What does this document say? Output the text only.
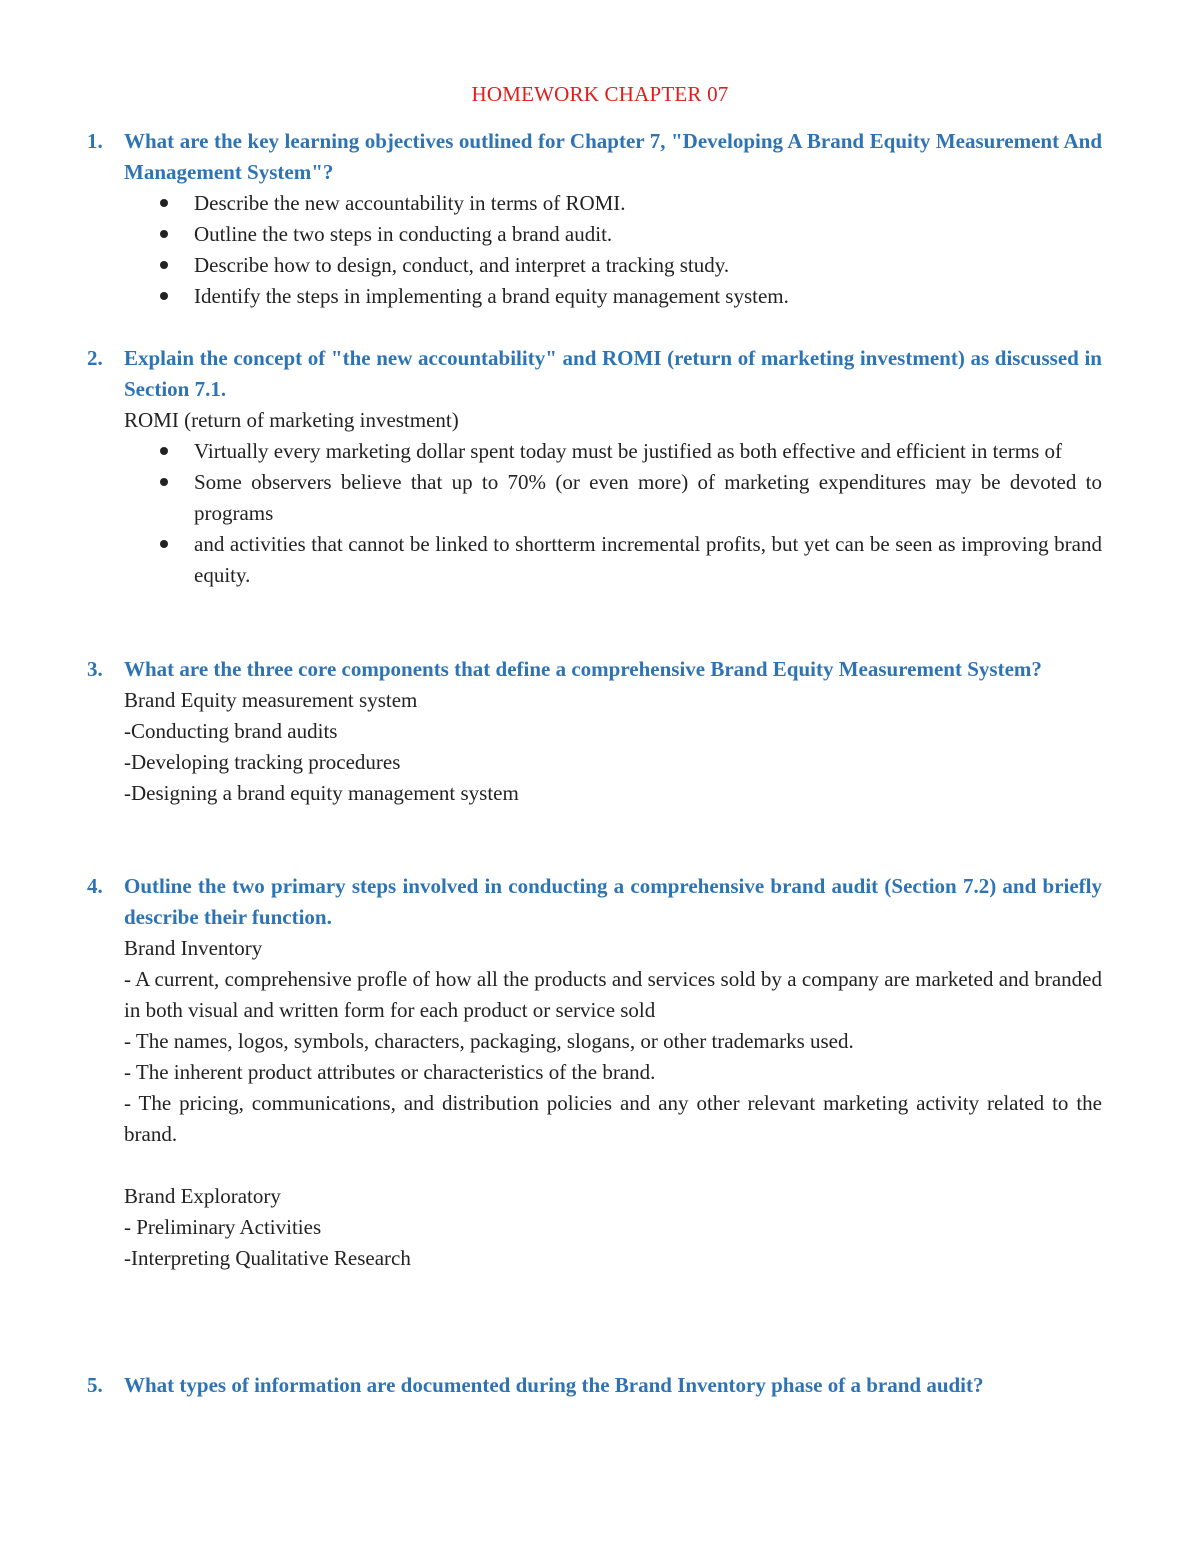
HOMEWORK CHAPTER 07
1. What are the key learning objectives outlined for Chapter 7, "Developing A Brand Equity Measurement And Management System"?
Describe the new accountability in terms of ROMI.
Outline the two steps in conducting a brand audit.
Describe how to design, conduct, and interpret a tracking study.
Identify the steps in implementing a brand equity management system.
2. Explain the concept of "the new accountability" and ROMI (return of marketing investment) as discussed in Section 7.1.
ROMI (return of marketing investment)
Virtually every marketing dollar spent today must be justified as both effective and efficient in terms of
Some observers believe that up to 70% (or even more) of marketing expenditures may be devoted to programs
and activities that cannot be linked to shortterm incremental profits, but yet can be seen as improving brand equity.
3. What are the three core components that define a comprehensive Brand Equity Measurement System?
Brand Equity measurement system
-Conducting brand audits
-Developing tracking procedures
-Designing a brand equity management system
4. Outline the two primary steps involved in conducting a comprehensive brand audit (Section 7.2) and briefly describe their function.
Brand Inventory
- A current, comprehensive profle of how all the products and services sold by a company are marketed and branded in both visual and written form for each product or service sold
- The names, logos, symbols, characters, packaging, slogans, or other trademarks used.
- The inherent product attributes or characteristics of the brand.
- The pricing, communications, and distribution policies and any other relevant marketing activity related to the brand.
Brand Exploratory
- Preliminary Activities
-Interpreting Qualitative Research
5. What types of information are documented during the Brand Inventory phase of a brand audit?
